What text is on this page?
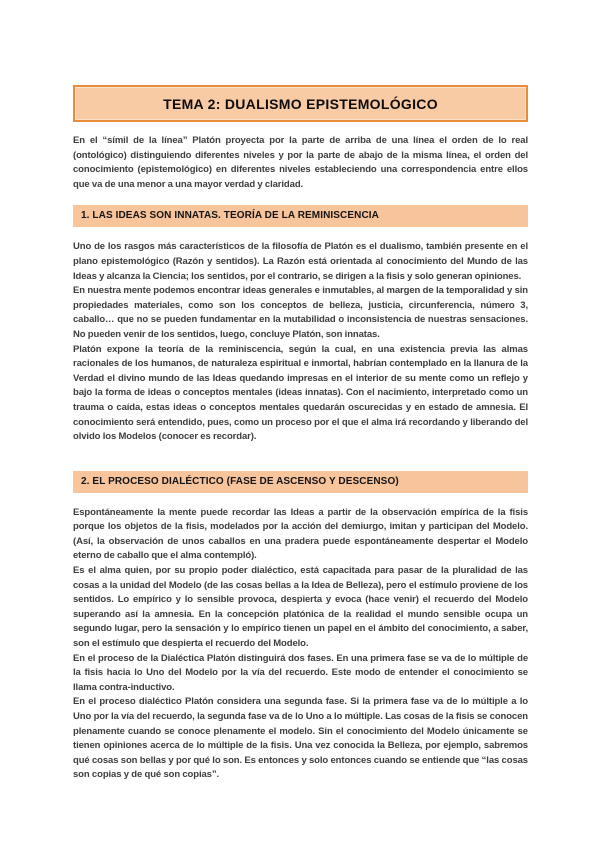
TEMA 2: DUALISMO EPISTEMOLÓGICO

En el “símil de la línea” Platón proyecta por la parte de arriba de una línea el orden de lo real (ontológico) distinguiendo diferentes niveles y por la parte de abajo de la misma línea, el orden del conocimiento (epistemológico) en diferentes niveles estableciendo una correspondencia entre ellos que va de una menor a una mayor verdad y claridad.

1. LAS IDEAS SON INNATAS. TEORÍA DE LA REMINISCENCIA

Uno de los rasgos más característicos de la filosofía de Platón es el dualismo, también presente en el plano epistemológico (Razón y sentidos). La Razón está orientada al conocimiento del Mundo de las Ideas y alcanza la Ciencia; los sentidos, por el contrario, se dirigen a la fisis y solo generan opiniones.

En nuestra mente podemos encontrar ideas generales e inmutables, al margen de la temporalidad y sin propiedades materiales, como son los conceptos de belleza, justicia, circunferencia, número 3, caballo… que no se pueden fundamentar en la mutabilidad o inconsistencia de nuestras sensaciones. No pueden venir de los sentidos, luego, concluye Platón, son innatas.

Platón expone la teoría de la reminiscencia, según la cual, en una existencia previa las almas racionales de los humanos, de naturaleza espiritual e inmortal, habrían contemplado en la llanura de la Verdad el divino mundo de las Ideas quedando impresas en el interior de su mente como un reflejo y bajo la forma de ideas o conceptos mentales (ideas innatas). Con el nacimiento, interpretado como un trauma o caída, estas ideas o conceptos mentales quedarán oscurecidas y en estado de amnesia. El conocimiento será entendido, pues, como un proceso por el que el alma irá recordando y liberando del olvido los Modelos (conocer es recordar).

2. EL PROCESO DIALÉCTICO (FASE DE ASCENSO Y DESCENSO)

Espontáneamente la mente puede recordar las Ideas a partir de la observación empírica de la fisis porque los objetos de la fisis, modelados por la acción del demiurgo, imitan y participan del Modelo. (Así, la observación de unos caballos en una pradera puede espontáneamente despertar el Modelo eterno de caballo que el alma contempló).

Es el alma quien, por su propio poder dialéctico, está capacitada para pasar de la pluralidad de las cosas a la unidad del Modelo (de las cosas bellas a la Idea de Belleza), pero el estímulo proviene de los sentidos. Lo empírico y lo sensible provoca, despierta y evoca (hace venir) el recuerdo del Modelo superando así la amnesia. En la concepción platónica de la realidad el mundo sensible ocupa un segundo lugar, pero la sensación y lo empírico tienen un papel en el ámbito del conocimiento, a saber, son el estímulo que despierta el recuerdo del Modelo.

En el proceso de la Dialéctica Platón distinguirá dos fases. En una primera fase se va de lo múltiple de la fisis hacia lo Uno del Modelo por la vía del recuerdo. Este modo de entender el conocimiento se llama contra-inductivo.

En el proceso dialéctico Platón considera una segunda fase. Si la primera fase va de lo múltiple a lo Uno por la vía del recuerdo, la segunda fase va de lo Uno a lo múltiple. Las cosas de la fisis se conocen plenamente cuando se conoce plenamente el modelo. Sin el conocimiento del Modelo únicamente se tienen opiniones acerca de lo múltiple de la fisis. Una vez conocida la Belleza, por ejemplo, sabremos qué cosas son bellas y por qué lo son. Es entonces y solo entonces cuando se entiende que “las cosas son copias y de qué son copias”.
